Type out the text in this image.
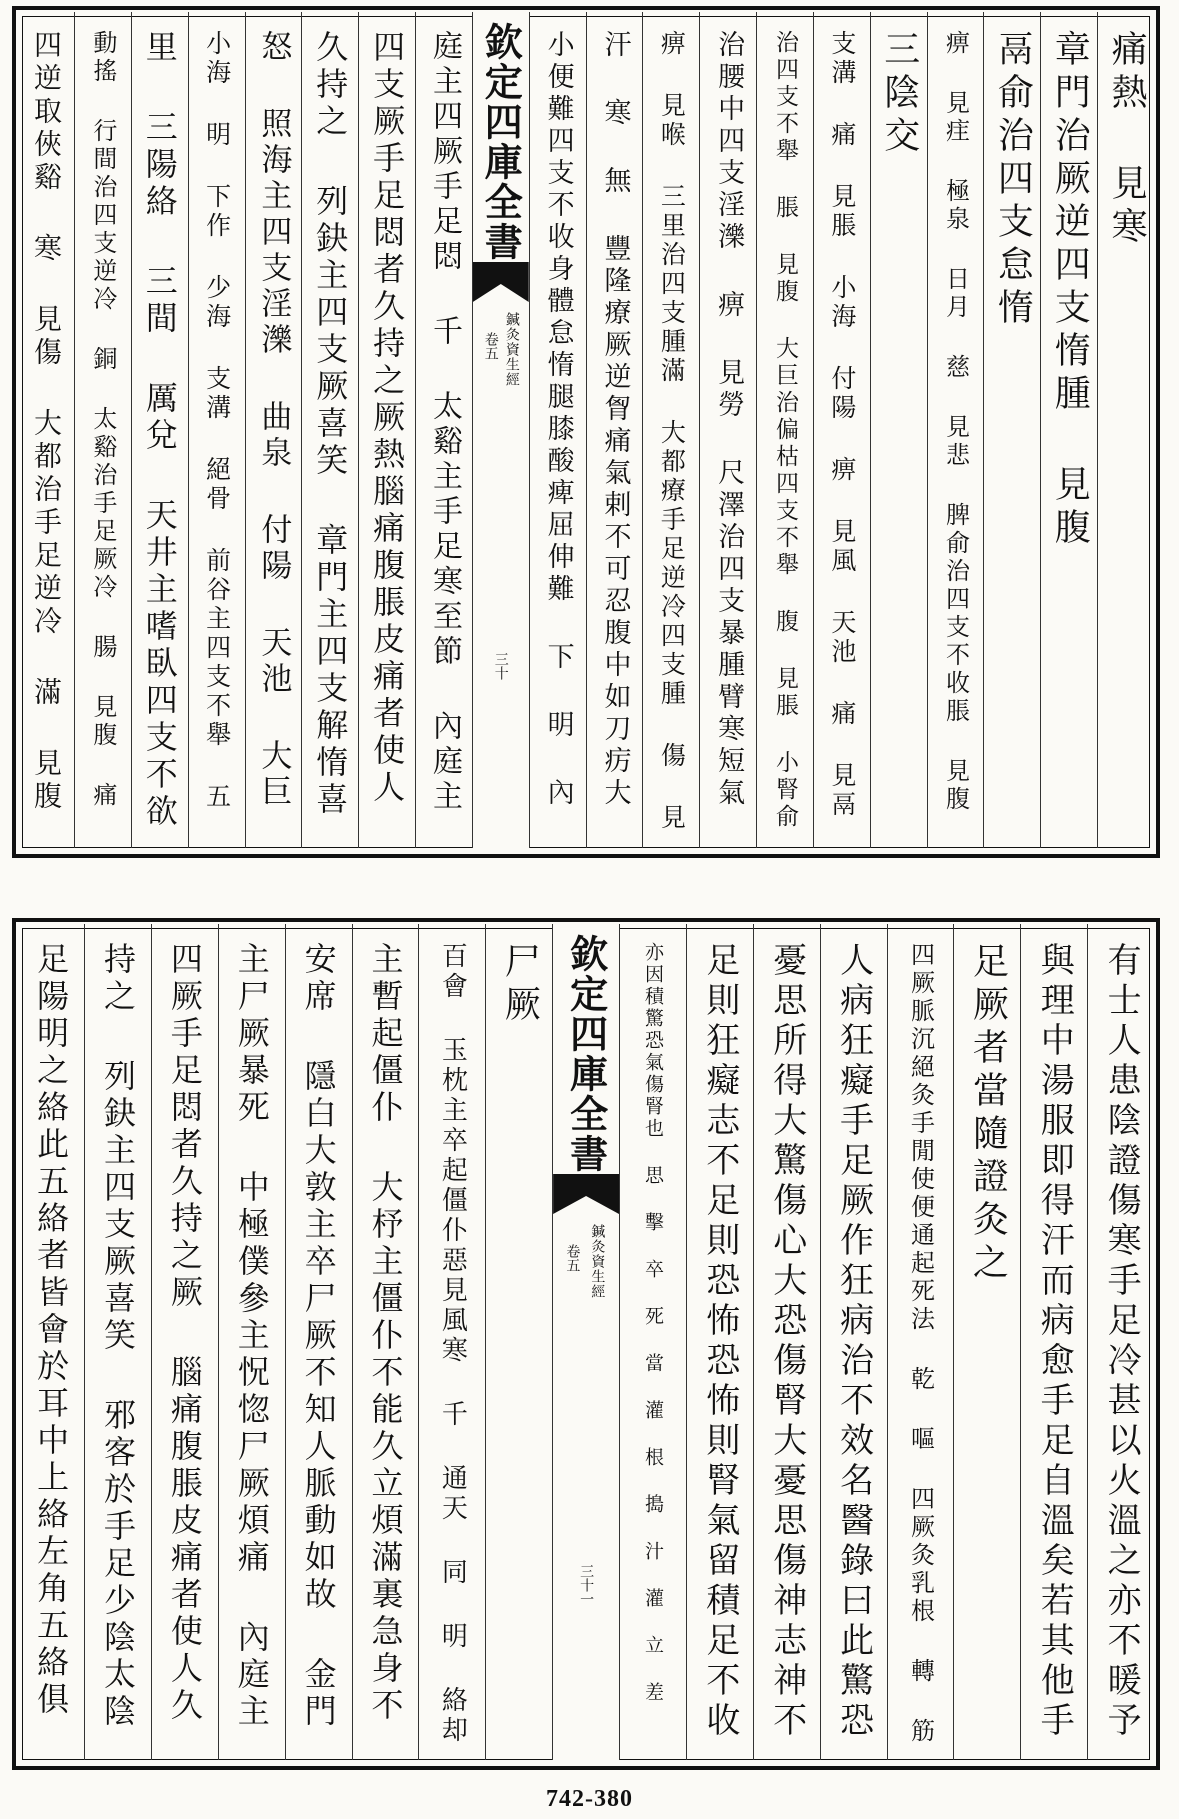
痛熱 見寒
章門治厥逆四支惰腫 見腹
鬲俞治四支怠惰
痹 見疰 極泉 日月 慈 見悲 脾俞治四支不收脹 見腹
三陰交
支溝 痛 見脹 小海 付陽 痹 見風 天池 痛 見鬲
治四支不舉 脹 見腹 大巨治偏枯四支不舉 腹 見脹 小腎俞
治腰中四支淫濼 痹 見勞 尺澤治四支暴腫臂寒短氣
痹 見喉 三里治四支腫滿 大都療手足逆冷四支腫 傷 見
汗 寒 無 豐隆療厥逆胷痛氣剌不可忍腹中如刀疠大
小便難四支不收身體怠惰腿膝酸痺屈伸難 下 明 內
欽定四庫全書
鍼灸資生經
卷五
三十
庭主四厥手足悶 千 太谿主手足寒至節 內庭主
四支厥手足悶者久持之厥熱腦痛腹脹皮痛者使人
久持之 列鈌主四支厥喜笑 章門主四支解惰喜
怒 照海主四支淫濼 曲泉 付陽 天池 大巨
小海 明 下作 少海 支溝 絕骨 前谷主四支不舉 五
里 三陽絡 三間 厲兌 天井主嗜臥四支不欲
動搖 行間治四支逆冷 銅 太谿治手足厥冷 腸 見腹 痛
四逆取俠谿 寒 見傷 大都治手足逆冷 滿 見腹
有士人患陰證傷寒手足冷甚以火溫之亦不暖予
與理中湯服即得汗而病愈手足自溫矣若其他手
足厥者當隨證灸之
四厥脈沉絕灸手閒使便通起死法 乾 嘔 四厥灸乳根 轉 筋
人病狂癡手足厥作狂病治不效名醫錄曰此驚恐
憂思所得大驚傷心大恐傷腎大憂思傷神志神不
足則狂癡志不足則恐怖恐怖則腎氣留積足不收
亦因積驚恐氣傷腎也 思 擊 卒 死 當 灌 根 搗 汁 灌 立 差
欽定四庫全書
鍼灸資生經
卷五
三十一
尸厥
百會 玉枕主卒起僵仆惡見風寒 千 通天 同 明 絡却
主暫起僵仆 大杼主僵仆不能久立煩滿裏急身不
安席 隱白大敦主卒尸厥不知人脈動如故 金門
主尸厥暴死 中極僕參主怳惚尸厥煩痛 內庭主
四厥手足悶者久持之厥 腦痛腹脹皮痛者使人久
持之 列鈌主四支厥喜笑 邪客於手足少陰太陰
足陽明之絡此五絡者皆會於耳中上絡左角五絡俱
742-380
